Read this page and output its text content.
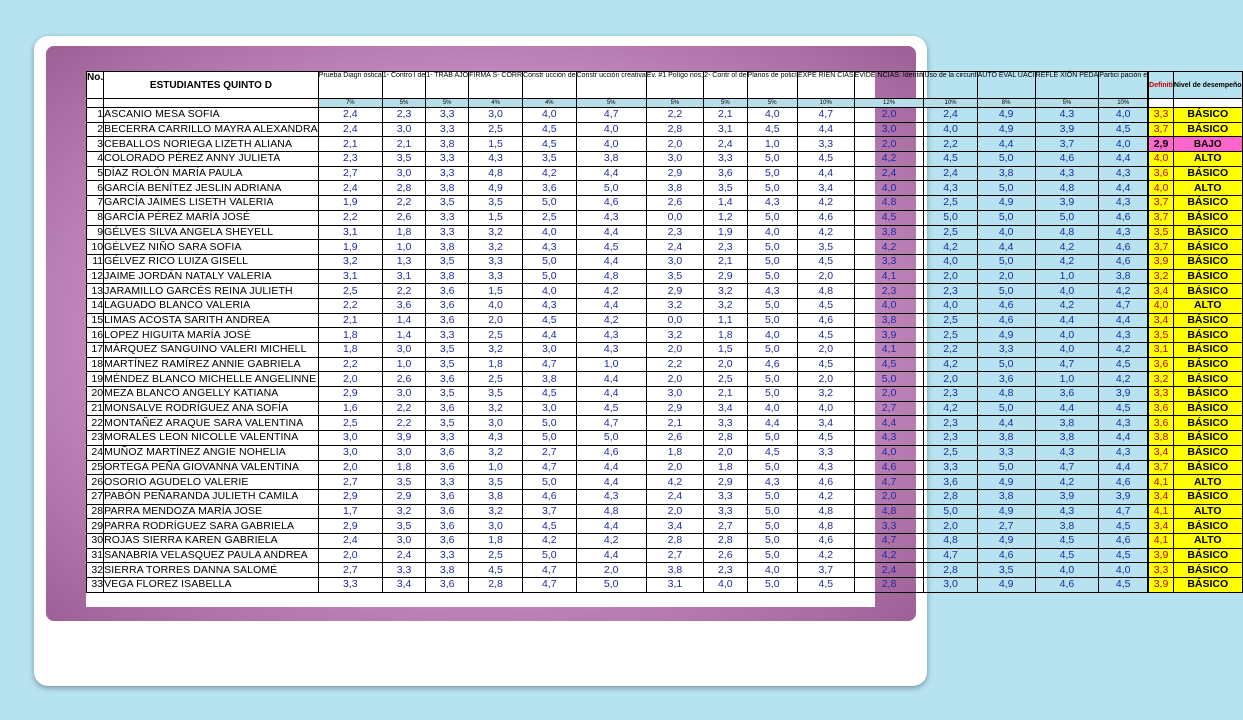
No.	ESTUDIANTES QUINTO D	Prueba Diagn óstica	1- Contro l de	1- TRAB AJO	FIRMA S- CORR	Constr ucción de	Constr ucción creativa	Ev. #1 Polígo nos,	2- Contr ol de	Planos de policí	EXPE RIEN CIAS	EVIDE NCIAS: Identifi	Uso de la circunf	AUTO EVAL UACI	REFLE XIÓN PEDA	Partici pación e		Definiti	Nivel de desempeño
		7%	5%	5%	4%	4%	5%	5%	5%	5%	10%	12%	10%	8%	5%	10%			
1	ASCANIO MESA SOFIA	2,4	2,3	3,3	3,0	4,0	4,7	2,2	2,1	4,0	4,7	2,0	2,4	4,9	4,3	4,0		3,3	BÁSICO
2	BECERRA CARRILLO MAYRA ALEXANDRA	2,4	3,0	3,3	2,5	4,5	4,0	2,8	3,1	4,5	4,4	3,0	4,0	4,9	3,9	4,5		3,7	BÁSICO
3	CEBALLOS NORIEGA LIZETH ALIANA	2,1	2,1	3,8	1,5	4,5	4,0	2,0	2,4	1,0	3,3	2,0	2,2	4,4	3,7	4,0		2,9	BAJO
4	COLORADO PÉREZ ANNY JULIETA	2,3	3,5	3,3	4,3	3,5	3,8	3,0	3,3	5,0	4,5	4,2	4,5	5,0	4,6	4,4		4,0	ALTO
5	DÍAZ ROLÓN MARÍA PAULA	2,7	3,0	3,3	4,8	4,2	4,4	2,9	3,6	5,0	4,4	2,4	2,4	3,8	4,3	4,3		3,6	BÁSICO
6	GARCÍA BENÍTEZ JESLIN ADRIANA	2,4	2,8	3,8	4,9	3,6	5,0	3,8	3,5	5,0	3,4	4,0	4,3	5,0	4,8	4,4		4,0	ALTO
7	GARCÍA JAIMES LISETH VALERIA	1,9	2,2	3,5	3,5	5,0	4,6	2,6	1,4	4,3	4,2	4,8	2,5	4,9	3,9	4,3		3,7	BÁSICO
8	GARCÍA PÉREZ MARÍA JOSÉ	2,2	2,6	3,3	1,5	2,5	4,3	0,0	1,2	5,0	4,6	4,5	5,0	5,0	5,0	4,6		3,7	BÁSICO
9	GÉLVES SILVA ANGELA SHEYELL	3,1	1,8	3,3	3,2	4,0	4,4	2,3	1,9	4,0	4,2	3,8	2,5	4,0	4,8	4,3		3,5	BÁSICO
10	GÉLVEZ NIÑO SARA SOFIA	1,9	1,0	3,8	3,2	4,3	4,5	2,4	2,3	5,0	3,5	4,2	4,2	4,4	4,2	4,6		3,7	BÁSICO
11	GÉLVEZ RICO LUIZA GISELL	3,2	1,3	3,5	3,3	5,0	4,4	3,0	2,1	5,0	4,5	3,3	4,0	5,0	4,2	4,6		3,9	BÁSICO
12	JAIME JORDÁN NATALY VALERIA	3,1	3,1	3,8	3,3	5,0	4,8	3,5	2,9	5,0	2,0	4,1	2,0	2,0	1,0	3,8		3,2	BÁSICO
13	JARAMILLO GARCÉS REINA JULIETH	2,5	2,2	3,6	1,5	4,0	4,2	2,9	3,2	4,3	4,8	2,3	2,3	5,0	4,0	4,2		3,4	BÁSICO
14	LAGUADO BLANCO VALERIA	2,2	3,6	3,6	4,0	4,3	4,4	3,2	3,2	5,0	4,5	4,0	4,0	4,6	4,2	4,7		4,0	ALTO
15	LIMAS ACOSTA SARITH ANDREA	2,1	1,4	3,6	2,0	4,5	4,2	0,0	1,1	5,0	4,6	3,8	2,5	4,6	4,4	4,4		3,4	BÁSICO
16	LOPEZ HIGUITA MARÍA JOSÉ	1,8	1,4	3,3	2,5	4,4	4,3	3,2	1,8	4,0	4,5	3,9	2,5	4,9	4,0	4,3		3,5	BÁSICO
17	MÁRQUEZ SANGUINO VALERI MICHELL	1,8	3,0	3,5	3,2	3,0	4,3	2,0	1,5	5,0	2,0	4,1	2,2	3,3	4,0	4,2		3,1	BÁSICO
18	MARTÍNEZ RAMÍREZ ANNIE GABRIELA	2,2	1,0	3,5	1,8	4,7	1,0	2,2	2,0	4,6	4,5	4,5	4,2	5,0	4,7	4,5		3,6	BÁSICO
19	MÉNDEZ BLANCO MICHELLE ANGELINNE	2,0	2,6	3,6	2,5	3,8	4,4	2,0	2,5	5,0	2,0	5,0	2,0	3,6	1,0	4,2		3,2	BÁSICO
20	MEZA BLANCO ANGELLY KATIANA	2,9	3,0	3,5	3,5	4,5	4,4	3,0	2,1	5,0	3,2	2,0	2,3	4,8	3,6	3,9		3,3	BÁSICO
21	MONSALVE RODRÍGUEZ ANA SOFÍA	1,6	2,2	3,6	3,2	3,0	4,5	2,9	3,4	4,0	4,0	2,7	4,2	5,0	4,4	4,5		3,6	BÁSICO
22	MONTAÑEZ ARAQUE SARA VALENTINA	2,5	2,2	3,5	3,0	5,0	4,7	2,1	3,3	4,4	3,4	4,4	2,3	4,4	3,8	4,3		3,6	BÁSICO
23	MORALES LEON NICOLLE VALENTINA	3,0	3,9	3,3	4,3	5,0	5,0	2,6	2,8	5,0	4,5	4,3	2,3	3,8	3,8	4,4		3,8	BÁSICO
24	MUÑOZ MARTÍNEZ ANGIE NOHELIA	3,0	3,0	3,6	3,2	2,7	4,6	1,8	2,0	4,5	3,3	4,0	2,5	3,3	4,3	4,3		3,4	BÁSICO
25	ORTEGA PEÑA GIOVANNA VALENTINA	2,0	1,8	3,6	1,0	4,7	4,4	2,0	1,8	5,0	4,3	4,6	3,3	5,0	4,7	4,4		3,7	BÁSICO
26	OSORIO AGUDELO VALERIE	2,7	3,5	3,3	3,5	5,0	4,4	4,2	2,9	4,3	4,6	4,7	3,6	4,9	4,2	4,6		4,1	ALTO
27	PABÓN PEÑARANDA JULIETH CAMILA	2,9	2,9	3,6	3,8	4,6	4,3	2,4	3,3	5,0	4,2	2,0	2,8	3,8	3,9	3,9		3,4	BÁSICO
28	PARRA MENDOZA MARÍA JOSE	1,7	3,2	3,6	3,2	3,7	4,8	2,0	3,3	5,0	4,8	4,8	5,0	4,9	4,3	4,7		4,1	ALTO
29	PARRA RODRÍGUEZ SARA GABRIELA	2,9	3,5	3,6	3,0	4,5	4,4	3,4	2,7	5,0	4,8	3,3	2,0	2,7	3,8	4,5		3,4	BÁSICO
30	ROJAS SIERRA KAREN GABRIELA	2,4	3,0	3,6	1,8	4,2	4,2	2,8	2,8	5,0	4,6	4,7	4,8	4,9	4,5	4,6		4,1	ALTO
31	SANABRIA VELASQUEZ PAULA ANDREA	2,0	2,4	3,3	2,5	5,0	4,4	2,7	2,6	5,0	4,2	4,2	4,7	4,6	4,5	4,5		3,9	BÁSICO
32	SIERRA TORRES DANNA SALOMÉ	2,7	3,3	3,8	4,5	4,7	2,0	3,8	2,3	4,0	3,7	2,4	2,8	3,5	4,0	4,0		3,3	BÁSICO
33	VEGA FLOREZ ISABELLA	3,3	3,4	3,6	2,8	4,7	5,0	3,1	4,0	5,0	4,5	2,8	3,0	4,9	4,6	4,5		3,9	BÁSICO
